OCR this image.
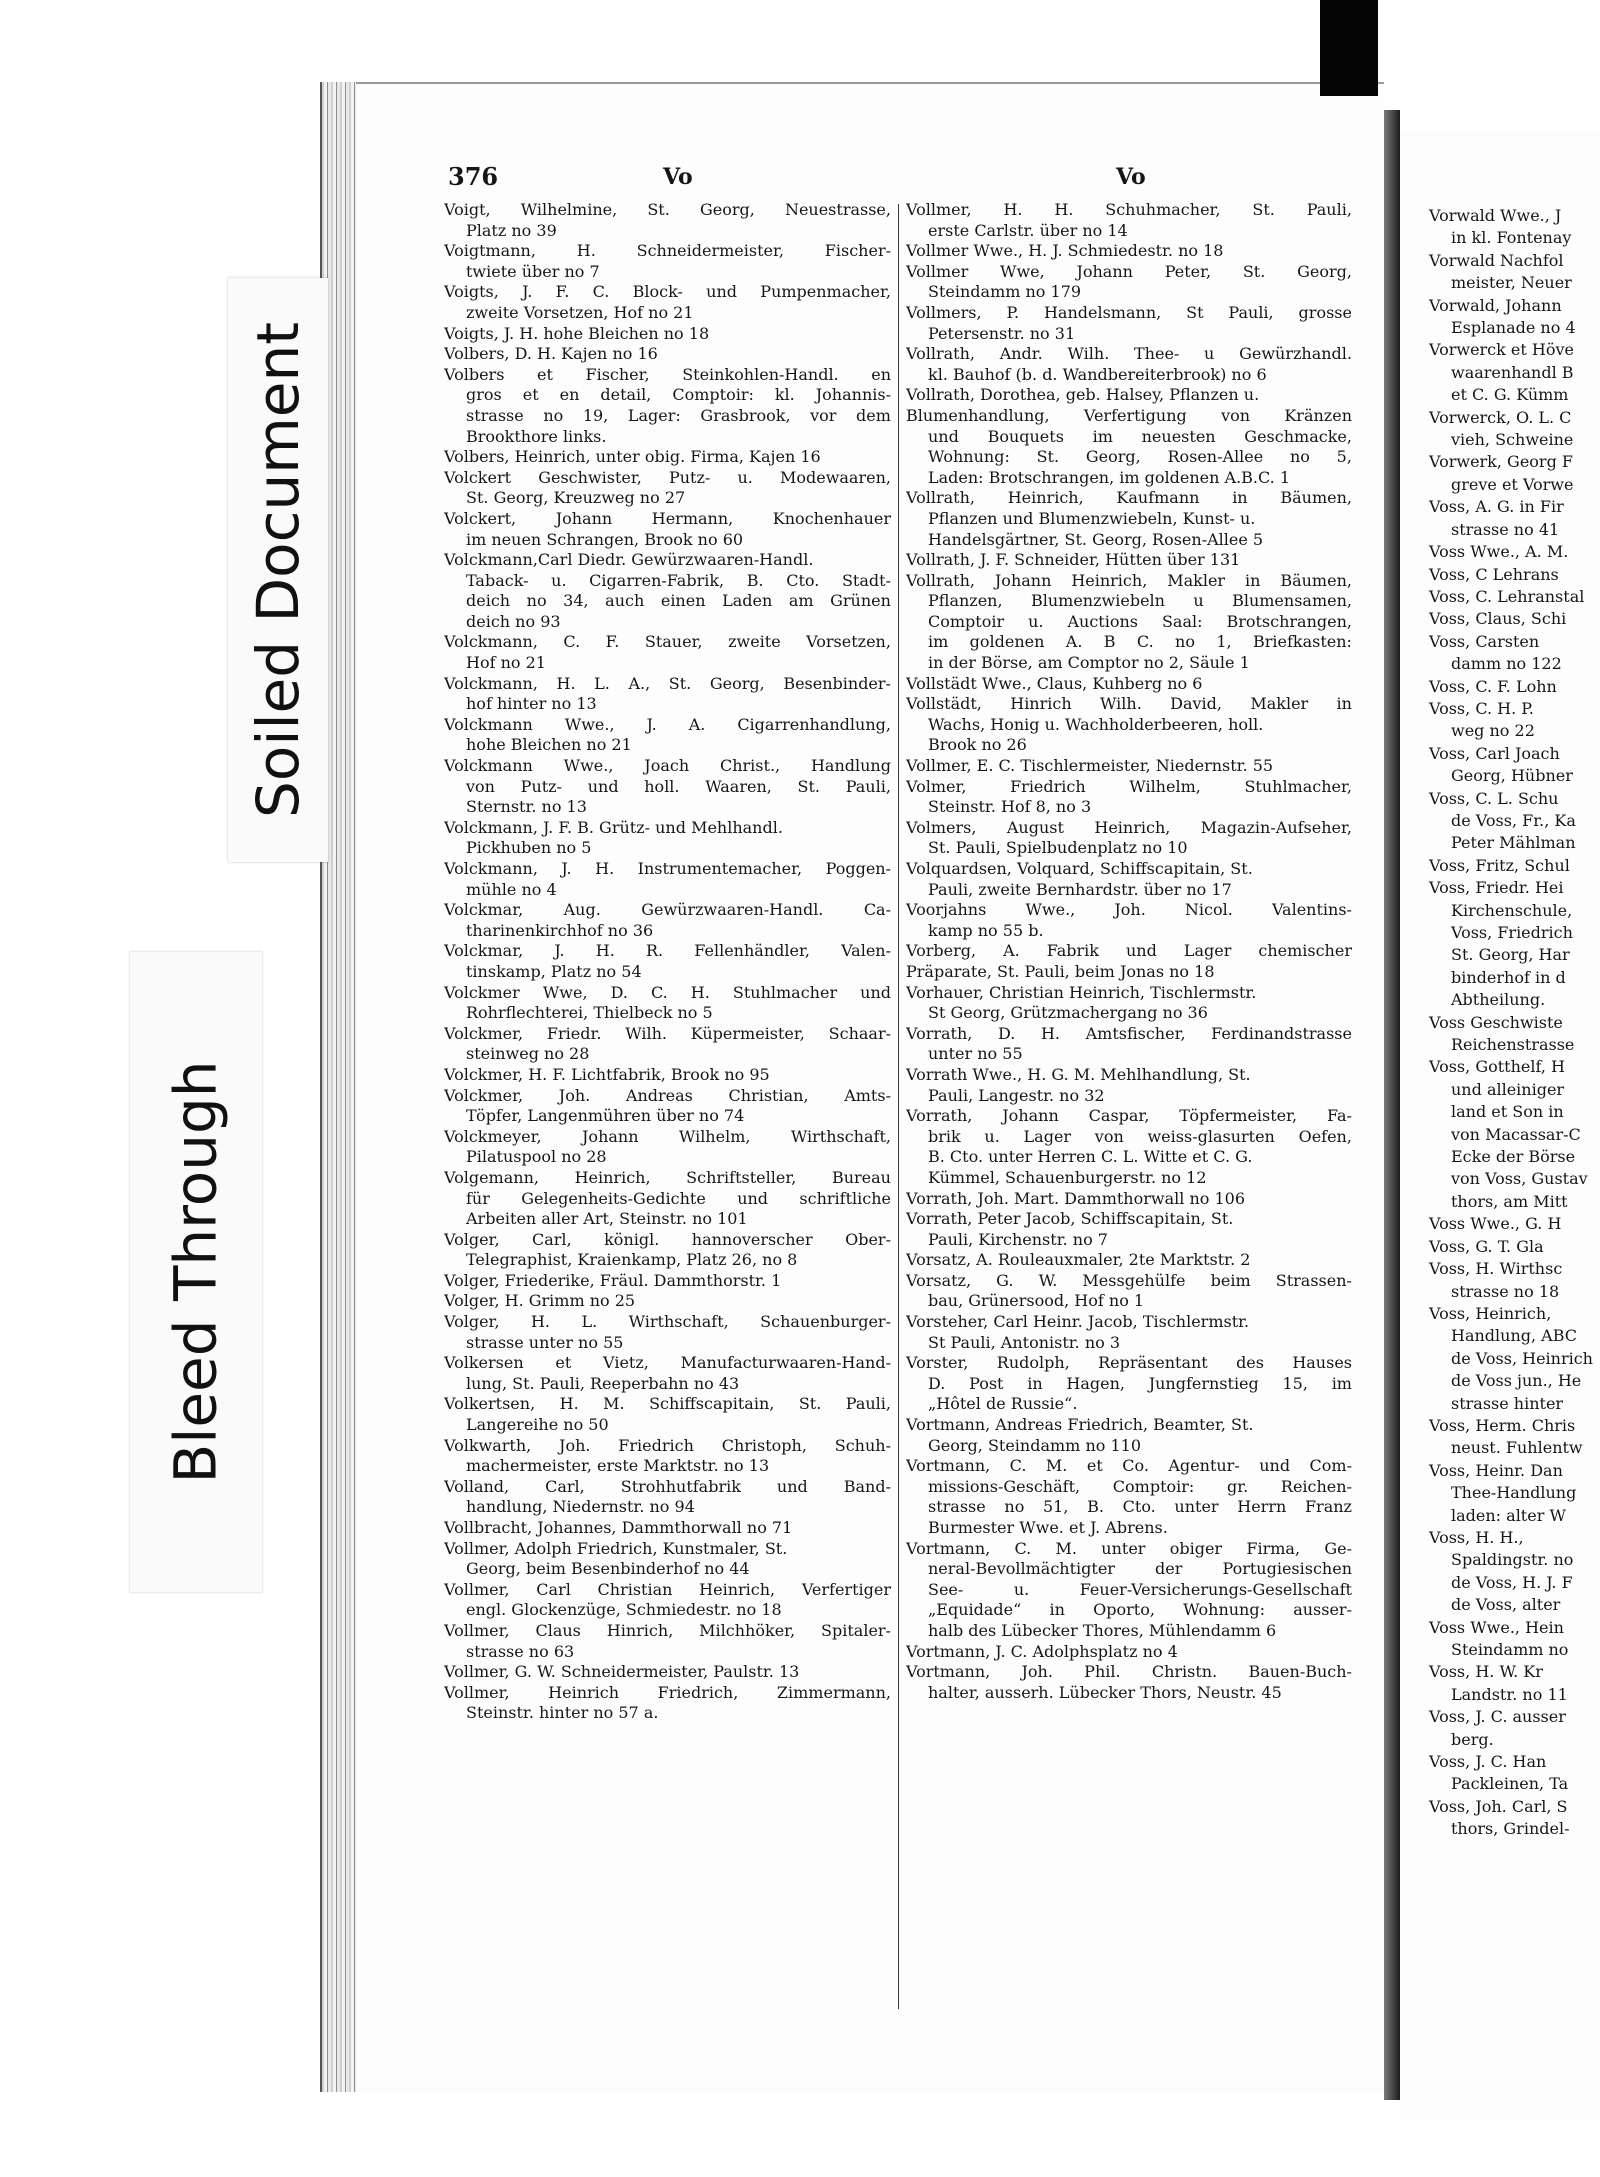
Soiled Document
Bleed Through
376	Vo	Vo
Voigt, Wilhelmine, St. Georg, Neuestrasse,
Platz no 39
Voigtmann,	H.	Schneidermeister,	Fischer-
twiete über no 7
Voigts, J. F. C. Block- und Pumpenmacher,
zweite Vorsetzen, Hof no 21
Voigts, J. H. hohe Bleichen no 18
Volbers, D. H. Kajen no 16
Volbers et Fischer, Steinkohlen-Handl. en
gros et en detail, Comptoir: kl. Johannis-
strasse no 19, Lager: Grasbrook, vor dem
Brookthore links.
Volbers, Heinrich, unter obig. Firma, Kajen 16
Volckert Geschwister, Putz- u. Modewaaren,
St. Georg, Kreuzweg no 27
Volckert, Johann Hermann, Knochenhauer
im neuen Schrangen, Brook no 60
Volckmann,Carl Diedr. Gewürzwaaren-Handl.
Taback- u. Cigarren-Fabrik, B. Cto. Stadt-
deich no 34, auch einen Laden am Grünen
deich no 93
Volckmann, C. F. Stauer, zweite Vorsetzen,
Hof no 21
Volckmann, H. L. A., St. Georg, Besenbinder-
hof hinter no 13
Volckmann Wwe., J. A. Cigarrenhandlung,
hohe Bleichen no 21
Volckmann Wwe., Joach Christ., Handlung
von Putz- und holl. Waaren, St. Pauli,
Sternstr. no 13
Volckmann, J. F. B. Grütz- und Mehlhandl.
Pickhuben no 5
Volckmann, J. H. Instrumentemacher, Poggen-
mühle no 4
Volckmar,	Aug.	Gewürzwaaren-Handl.	Ca-
tharinenkirchhof no 36
Volckmar, J. H. R. Fellenhändler, Valen-
tinskamp, Platz no 54
Volckmer Wwe, D. C. H. Stuhlmacher und
Rohrflechterei, Thielbeck no 5
Volckmer, Friedr. Wilh. Küpermeister, Schaar-
steinweg no 28
Volckmer, H. F. Lichtfabrik, Brook no 95
Volckmer, Joh. Andreas Christian, Amts-
Töpfer, Langenmühren über no 74
Volckmeyer,	Johann	Wilhelm,	Wirthschaft,
Pilatuspool no 28
Volgemann, Heinrich, Schriftsteller, Bureau
für Gelegenheits-Gedichte und schriftliche
Arbeiten aller Art, Steinstr. no 101
Volger, Carl, königl. hannoverscher Ober-
Telegraphist, Kraienkamp, Platz 26, no 8
Volger, Friederike, Fräul. Dammthorstr. 1
Volger, H. Grimm no 25
Volger, H. L. Wirthschaft, Schauenburger-
strasse unter no 55
Volkersen et Vietz, Manufacturwaaren-Hand-
lung, St. Pauli, Reeperbahn no 43
Volkertsen, H. M. Schiffscapitain, St. Pauli,
Langereihe no 50
Volkwarth, Joh. Friedrich Christoph, Schuh-
machermeister, erste Marktstr. no 13
Volland, Carl, Strohhutfabrik und Band-
handlung, Niedernstr. no 94
Vollbracht, Johannes, Dammthorwall no 71
Vollmer, Adolph Friedrich, Kunstmaler, St.
Georg, beim Besenbinderhof no 44
Vollmer, Carl Christian Heinrich, Verfertiger
engl. Glockenzüge, Schmiedestr. no 18
Vollmer, Claus Hinrich, Milchhöker, Spitaler-
strasse no 63
Vollmer, G. W. Schneidermeister, Paulstr. 13
Vollmer, Heinrich Friedrich, Zimmermann,
Steinstr. hinter no 57 a.
Vollmer, H. H. Schuhmacher, St. Pauli,
erste Carlstr. über no 14
Vollmer Wwe., H. J. Schmiedestr. no 18
Vollmer Wwe, Johann Peter, St. Georg,
Steindamm no 179
Vollmers, P. Handelsmann, St Pauli, grosse
Petersenstr. no 31
Vollrath, Andr. Wilh. Thee- u Gewürzhandl.
kl. Bauhof (b. d. Wandbereiterbrook) no 6
Vollrath, Dorothea, geb. Halsey, Pflanzen u.
Blumenhandlung, Verfertigung von Kränzen
und Bouquets im neuesten Geschmacke,
Wohnung: St. Georg, Rosen-Allee no 5,
Laden: Brotschrangen, im goldenen A.B.C. 1
Vollrath, Heinrich, Kaufmann in Bäumen,
Pflanzen und Blumenzwiebeln, Kunst- u.
Handelsgärtner, St. Georg, Rosen-Allee 5
Vollrath, J. F. Schneider, Hütten über 131
Vollrath, Johann Heinrich, Makler in Bäumen,
Pflanzen, Blumenzwiebeln u Blumensamen,
Comptoir u. Auctions Saal: Brotschrangen,
im goldenen A. B C. no 1, Briefkasten:
in der Börse, am Comptor no 2, Säule 1
Vollstädt Wwe., Claus, Kuhberg no 6
Vollstädt, Hinrich Wilh. David, Makler in
Wachs, Honig u. Wachholderbeeren, holl.
Brook no 26
Vollmer, E. C. Tischlermeister, Niedernstr. 55
Volmer,	Friedrich	Wilhelm,	Stuhlmacher,
Steinstr. Hof 8, no 3
Volmers, August Heinrich, Magazin-Aufseher,
St. Pauli, Spielbudenplatz no 10
Volquardsen, Volquard, Schiffscapitain, St.
Pauli, zweite Bernhardstr. über no 17
Voorjahns Wwe., Joh. Nicol. Valentins-
kamp no 55 b.
Vorberg, A. Fabrik und Lager chemischer
Präparate, St. Pauli, beim Jonas no 18
Vorhauer, Christian Heinrich, Tischlermstr.
St Georg, Grützmachergang no 36
Vorrath, D. H. Amtsfischer, Ferdinandstrasse
unter no 55
Vorrath Wwe., H. G. M. Mehlhandlung, St.
Pauli, Langestr. no 32
Vorrath, Johann Caspar, Töpfermeister, Fa-
brik u. Lager von weiss-glasurten Oefen,
B. Cto. unter Herren C. L. Witte et C. G.
Kümmel, Schauenburgerstr. no 12
Vorrath, Joh. Mart. Dammthorwall no 106
Vorrath, Peter Jacob, Schiffscapitain, St.
Pauli, Kirchenstr. no 7
Vorsatz, A. Rouleauxmaler, 2te Marktstr. 2
Vorsatz, G. W. Messgehülfe beim Strassen-
bau, Grünersood, Hof no 1
Vorsteher, Carl Heinr. Jacob, Tischlermstr.
St Pauli, Antonistr. no 3
Vorster, Rudolph, Repräsentant des Hauses
D. Post in Hagen, Jungfernstieg 15, im
„Hôtel de Russie“.
Vortmann, Andreas Friedrich, Beamter, St.
Georg, Steindamm no 110
Vortmann, C. M. et Co. Agentur- und Com-
missions-Geschäft, Comptoir: gr. Reichen-
strasse no 51, B. Cto. unter Herrn Franz
Burmester Wwe. et J. Abrens.
Vortmann, C. M. unter obiger Firma, Ge-
neral-Bevollmächtigter	der	Portugiesischen
See-	u.	Feuer-Versicherungs-Gesellschaft
„Equidade“ in Oporto, Wohnung: ausser-
halb des Lübecker Thores, Mühlendamm 6
Vortmann, J. C. Adolphsplatz no 4
Vortmann, Joh. Phil. Christn. Bauen-Buch-
halter, ausserh. Lübecker Thors, Neustr. 45
Vorwald Wwe., J
in kl. Fontenay
Vorwald Nachfol
meister, Neuer
Vorwald, Johann
Esplanade no 4
Vorwerck et Höve
waarenhandl B
et C. G. Kümm
Vorwerck, O. L. C
vieh, Schweine
Vorwerk, Georg F
greve et Vorwe
Voss, A. G. in Fir
strasse no 41
Voss Wwe., A. M.
Voss, C Lehrans
Voss, C. Lehranstal
Voss, Claus, Schi
Voss, Carsten
damm no 122
Voss, C. F. Lohn
Voss, C. H. P.
weg no 22
Voss, Carl Joach
Georg, Hübner
Voss, C. L. Schu
de Voss, Fr., Ka
Peter Mählman
Voss, Fritz, Schul
Voss, Friedr. Hei
Kirchenschule,
Voss, Friedrich
St. Georg, Har
binderhof in d
Abtheilung.
Voss Geschwiste
Reichenstrasse
Voss, Gotthelf, H
und alleiniger
land et Son in
von Macassar-C
Ecke der Börse
von Voss, Gustav
thors, am Mitt
Voss Wwe., G. H
Voss, G. T. Gla
Voss, H. Wirthsc
strasse no 18
Voss, Heinrich,
Handlung, ABC
de Voss, Heinrich
de Voss jun., He
strasse hinter
Voss, Herm. Chris
neust. Fuhlentw
Voss, Heinr. Dan
Thee-Handlung
laden: alter W
Voss, H. H.,
Spaldingstr. no
de Voss, H. J. F
de Voss, alter
Voss Wwe., Hein
Steindamm no
Voss, H. W. Kr
Landstr. no 11
Voss, J. C. ausser
berg.
Voss, J. C. Han
Packleinen, Ta
Voss, Joh. Carl, S
thors, Grindel-
